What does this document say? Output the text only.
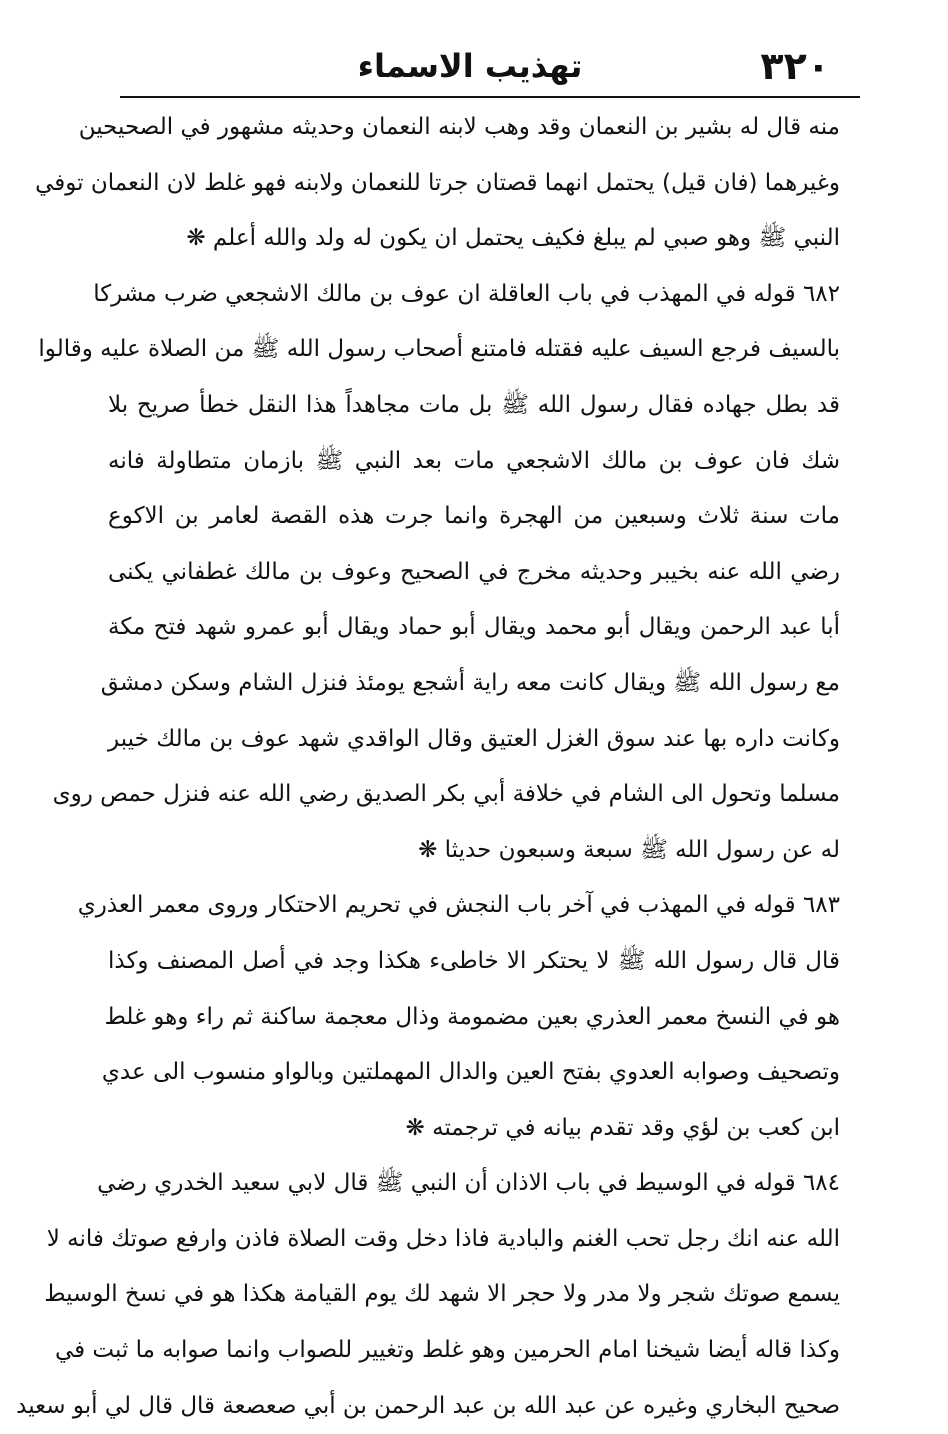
٣٢٠
تهذيب الاسماء
منه قال له بشير بن النعمان وقد وهب لابنه النعمان وحديثه مشهور في الصحيحين
وغيرهما (فان قيل) يحتمل انهما قصتان جرتا للنعمان ولابنه فهو غلط لان النعمان توفي
النبي ﷺ وهو صبي لم يبلغ فكيف يحتمل ان يكون له ولد والله أعلم ❋
٦٨٢ قوله في المهذب في باب العاقلة ان عوف بن مالك الاشجعي ضرب مشركا
بالسيف فرجع السيف عليه فقتله فامتنع أصحاب رسول الله ﷺ من الصلاة عليه وقالوا
قد بطل جهاده فقال رسول الله ﷺ بل مات مجاهداً هذا النقل خطأ صريح بلا
شك فان عوف بن مالك الاشجعي مات بعد النبي ﷺ بازمان متطاولة فانه
مات سنة ثلاث وسبعين من الهجرة وانما جرت هذه القصة لعامر بن الاكوع
رضي الله عنه بخيبر وحديثه مخرج في الصحيح وعوف بن مالك غطفاني يكنى
أبا عبد الرحمن ويقال أبو محمد ويقال أبو حماد ويقال أبو عمرو شهد فتح مكة
مع رسول الله ﷺ ويقال كانت معه راية أشجع يومئذ فنزل الشام وسكن دمشق
وكانت داره بها عند سوق الغزل العتيق وقال الواقدي شهد عوف بن مالك خيبر
مسلما وتحول الى الشام في خلافة أبي بكر الصديق رضي الله عنه فنزل حمص روى
له عن رسول الله ﷺ سبعة وسبعون حديثا ❋
٦٨٣ قوله في المهذب في آخر باب النجش في تحريم الاحتكار وروى معمر العذري
قال قال رسول الله ﷺ لا يحتكر الا خاطىء هكذا وجد في أصل المصنف وكذا
هو في النسخ معمر العذري بعين مضمومة وذال معجمة ساكنة ثم راء وهو غلط
وتصحيف وصوابه العدوي بفتح العين والدال المهملتين وبالواو منسوب الى عدي
ابن كعب بن لؤي وقد تقدم بيانه في ترجمته ❋
٦٨٤ قوله في الوسيط في باب الاذان أن النبي ﷺ قال لابي سعيد الخدري رضي
الله عنه انك رجل تحب الغنم والبادية فاذا دخل وقت الصلاة فاذن وارفع صوتك فانه لا
يسمع صوتك شجر ولا مدر ولا حجر الا شهد لك يوم القيامة هكذا هو في نسخ الوسيط
وكذا قاله أيضا شيخنا امام الحرمين وهو غلط وتغيير للصواب وانما صوابه ما ثبت في
صحيح البخاري وغيره عن عبد الله بن عبد الرحمن بن أبي صعصعة قال قال لي أبو سعيد
